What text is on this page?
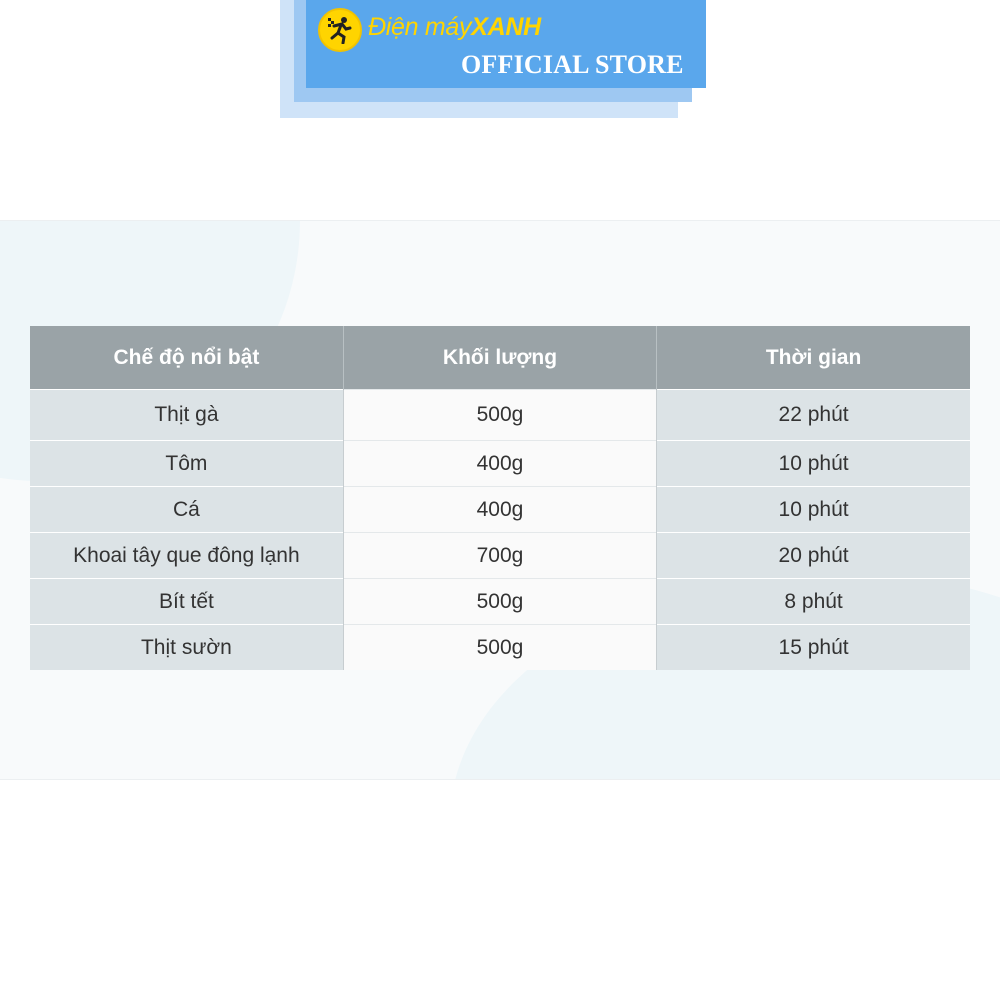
Điện máyXANH
OFFICIAL STORE
Chế độ nổi bật	Khối lượng	Thời gian
Thịt gà	500g	22 phút
Tôm	400g	10 phút
Cá	400g	10 phút
Khoai tây que đông lạnh	700g	20 phút
Bít tết	500g	8 phút
Thịt sườn	500g	15 phút
